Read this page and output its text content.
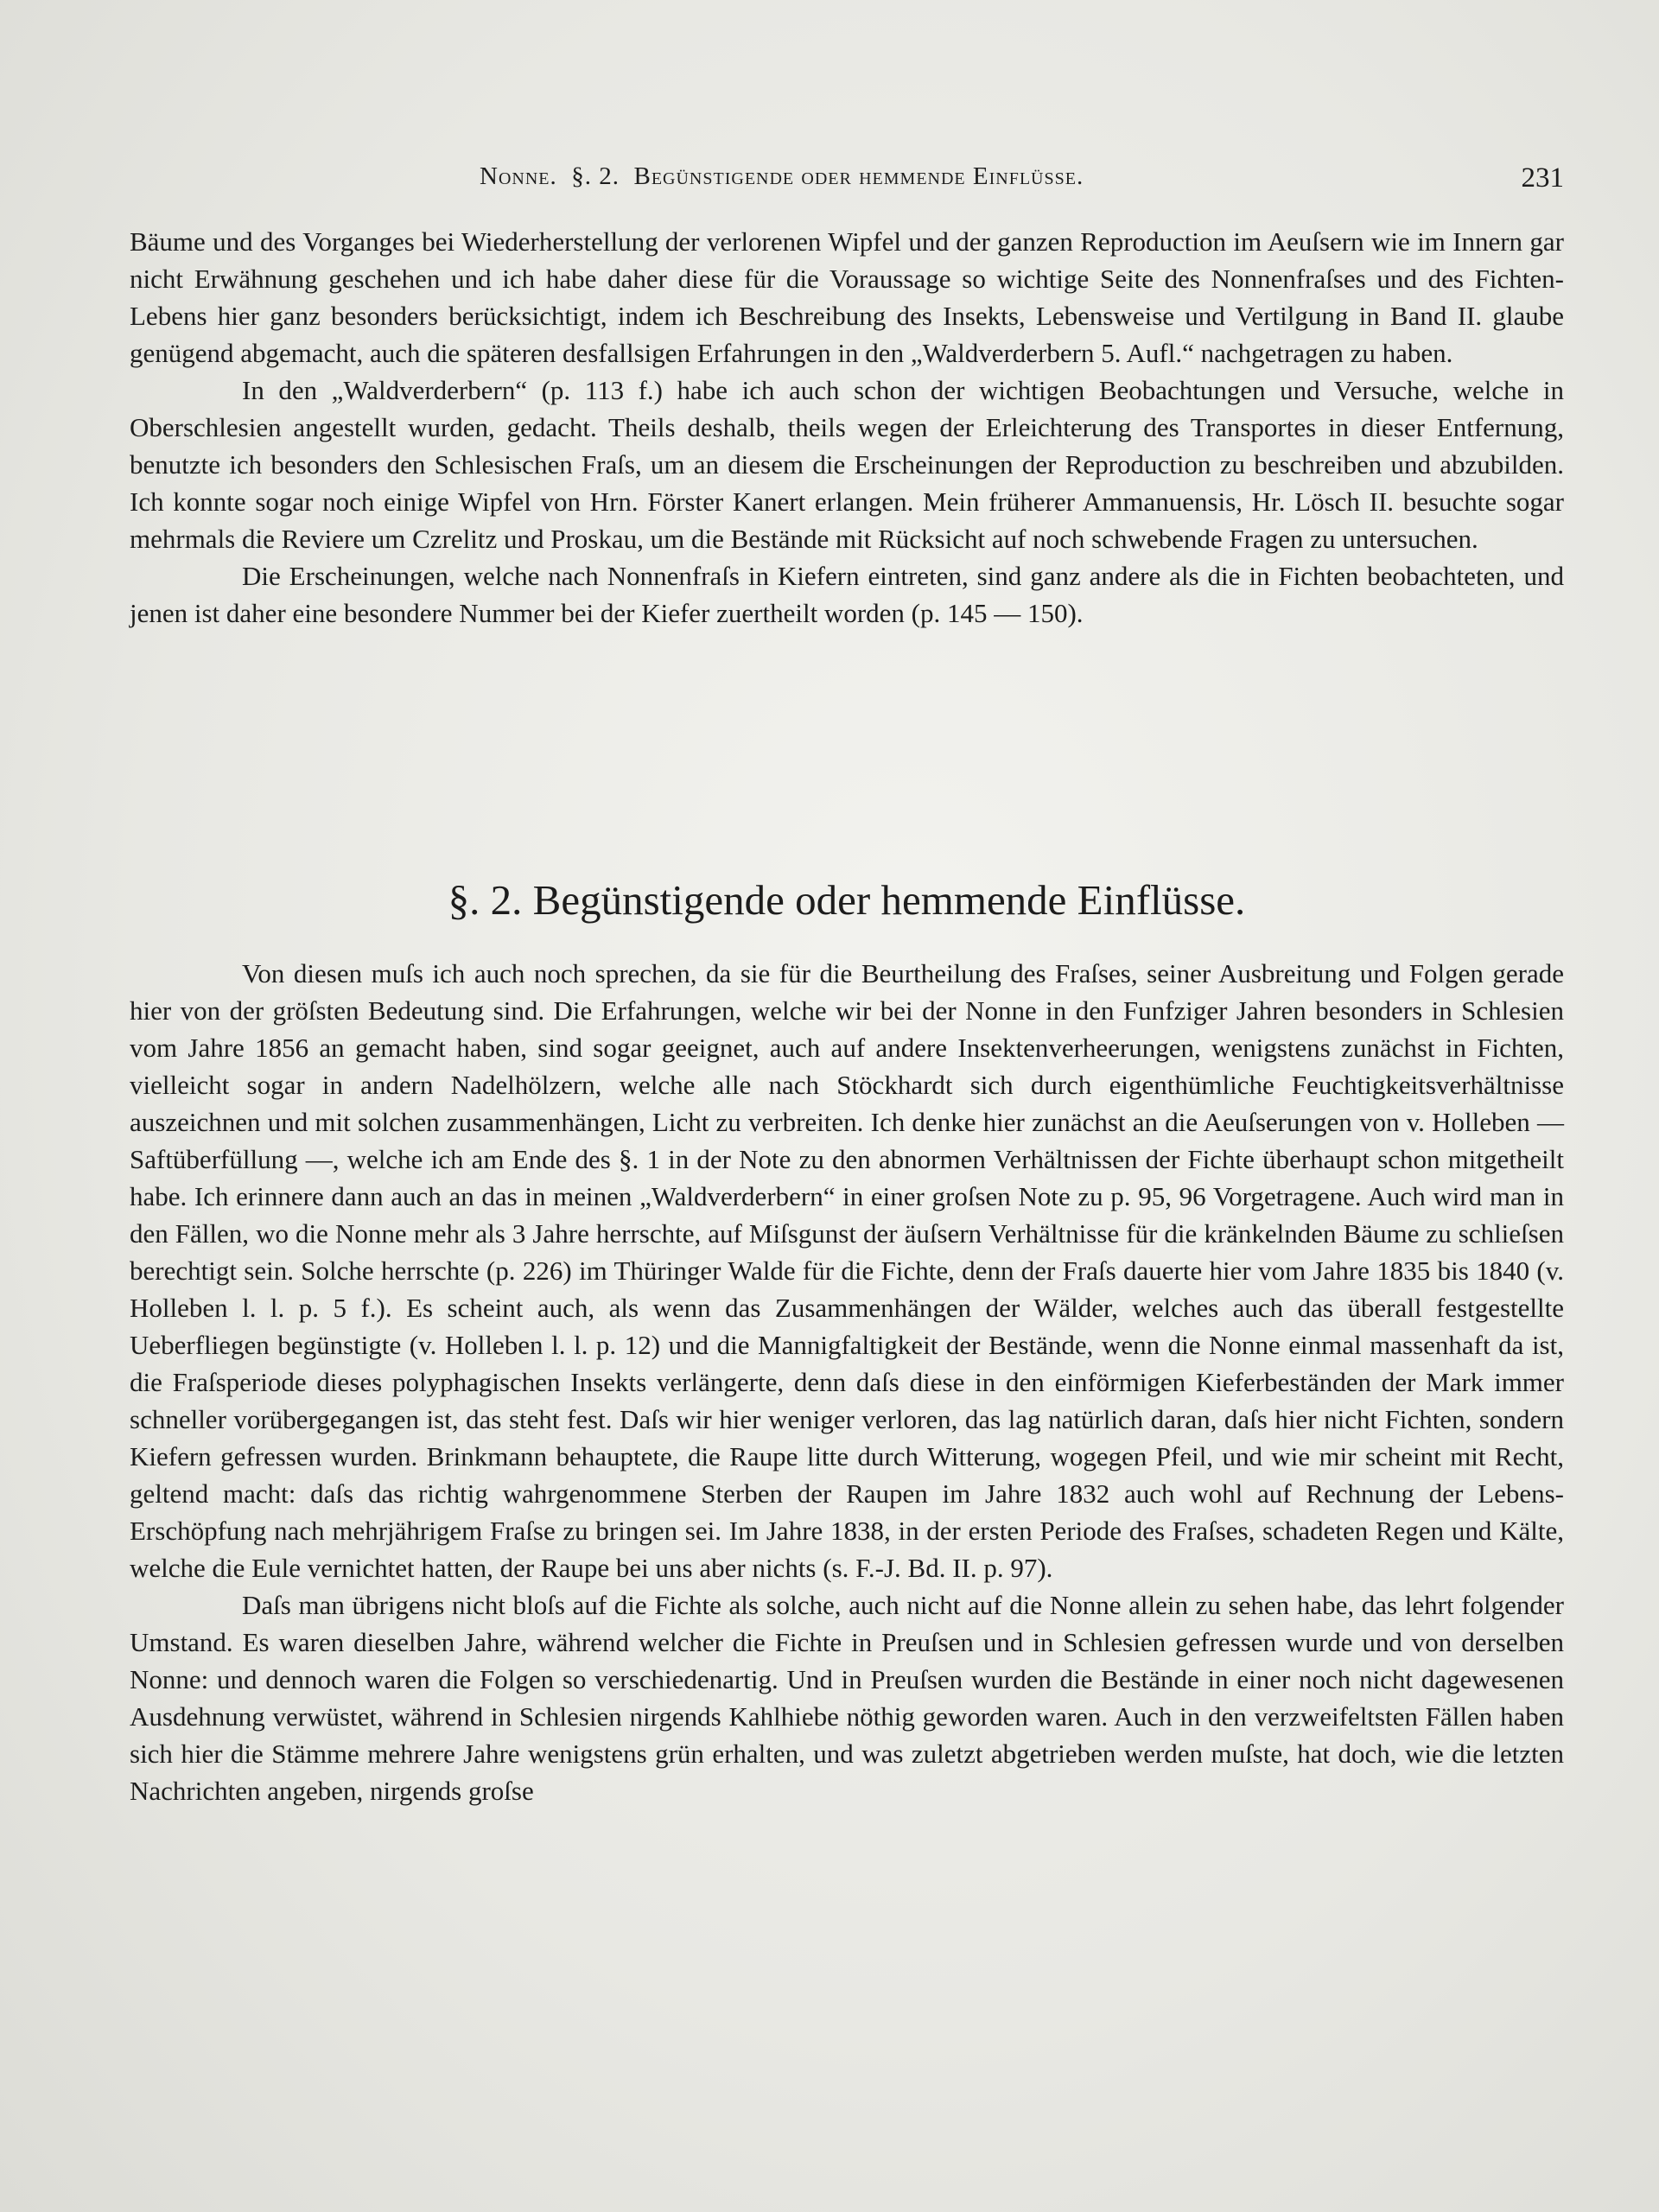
Nonne.  §. 2.  Begünstigende oder hemmende Einflüsse.	231

Bäume und des Vorganges bei Wiederherstellung der verlorenen Wipfel und der ganzen Reproduction im Aeuſsern wie im Innern gar nicht Erwähnung geschehen und ich habe daher diese für die Voraussage so wichtige Seite des Nonnenfraſses und des Fichten-Lebens hier ganz besonders berücksichtigt, indem ich Beschreibung des Insekts, Lebensweise und Vertilgung in Band II. glaube genügend abgemacht, auch die späteren desfallsigen Erfahrungen in den „Waldverderbern 5. Aufl.“ nachgetragen zu haben.

In den „Waldverderbern“ (p. 113 f.) habe ich auch schon der wichtigen Beobachtungen und Versuche, welche in Oberschlesien angestellt wurden, gedacht. Theils deshalb, theils wegen der Erleichterung des Transportes in dieser Entfernung, benutzte ich besonders den Schlesischen Fraſs, um an diesem die Erscheinungen der Reproduction zu beschreiben und abzubilden. Ich konnte sogar noch einige Wipfel von Hrn. Förster Kanert erlangen. Mein früherer Ammanuensis, Hr. Lösch II. besuchte sogar mehrmals die Reviere um Czrelitz und Proskau, um die Bestände mit Rücksicht auf noch schwebende Fragen zu untersuchen.

Die Erscheinungen, welche nach Nonnenfraſs in Kiefern eintreten, sind ganz andere als die in Fichten beobachteten, und jenen ist daher eine besondere Nummer bei der Kiefer zuertheilt worden (p. 145 — 150).

§. 2. Begünstigende oder hemmende Einflüsse.

Von diesen muſs ich auch noch sprechen, da sie für die Beurtheilung des Fraſses, seiner Ausbreitung und Folgen gerade hier von der gröſsten Bedeutung sind. Die Erfahrungen, welche wir bei der Nonne in den Funfziger Jahren besonders in Schlesien vom Jahre 1856 an gemacht haben, sind sogar geeignet, auch auf andere Insektenverheerungen, wenigstens zunächst in Fichten, vielleicht sogar in andern Nadelhölzern, welche alle nach Stöckhardt sich durch eigenthümliche Feuchtigkeitsverhältnisse auszeichnen und mit solchen zusammenhängen, Licht zu verbreiten. Ich denke hier zunächst an die Aeuſserungen von v. Holleben — Saftüberfüllung —, welche ich am Ende des §. 1 in der Note zu den abnormen Verhältnissen der Fichte überhaupt schon mitgetheilt habe. Ich erinnere dann auch an das in meinen „Waldverderbern“ in einer groſsen Note zu p. 95, 96 Vorgetragene. Auch wird man in den Fällen, wo die Nonne mehr als 3 Jahre herrschte, auf Miſsgunst der äuſsern Verhältnisse für die kränkelnden Bäume zu schlieſsen berechtigt sein. Solche herrschte (p. 226) im Thüringer Walde für die Fichte, denn der Fraſs dauerte hier vom Jahre 1835 bis 1840 (v. Holleben l. l. p. 5 f.). Es scheint auch, als wenn das Zusammenhängen der Wälder, welches auch das überall festgestellte Ueberfliegen begünstigte (v. Holleben l. l. p. 12) und die Mannigfaltigkeit der Bestände, wenn die Nonne einmal massenhaft da ist, die Fraſsperiode dieses polyphagischen Insekts verlängerte, denn daſs diese in den einförmigen Kieferbeständen der Mark immer schneller vorübergegangen ist, das steht fest. Daſs wir hier weniger verloren, das lag natürlich daran, daſs hier nicht Fichten, sondern Kiefern gefressen wurden. Brinkmann behauptete, die Raupe litte durch Witterung, wogegen Pfeil, und wie mir scheint mit Recht, geltend macht: daſs das richtig wahrgenommene Sterben der Raupen im Jahre 1832 auch wohl auf Rechnung der Lebens-Erschöpfung nach mehrjährigem Fraſse zu bringen sei. Im Jahre 1838, in der ersten Periode des Fraſses, schadeten Regen und Kälte, welche die Eule vernichtet hatten, der Raupe bei uns aber nichts (s. F.-J. Bd. II. p. 97).

Daſs man übrigens nicht bloſs auf die Fichte als solche, auch nicht auf die Nonne allein zu sehen habe, das lehrt folgender Umstand. Es waren dieselben Jahre, während welcher die Fichte in Preuſsen und in Schlesien gefressen wurde und von derselben Nonne: und dennoch waren die Folgen so verschiedenartig. Und in Preuſsen wurden die Bestände in einer noch nicht dagewesenen Ausdehnung verwüstet, während in Schlesien nirgends Kahlhiebe nöthig geworden waren. Auch in den verzweifeltsten Fällen haben sich hier die Stämme mehrere Jahre wenigstens grün erhalten, und was zuletzt abgetrieben werden muſste, hat doch, wie die letzten Nachrichten angeben, nirgends groſse
